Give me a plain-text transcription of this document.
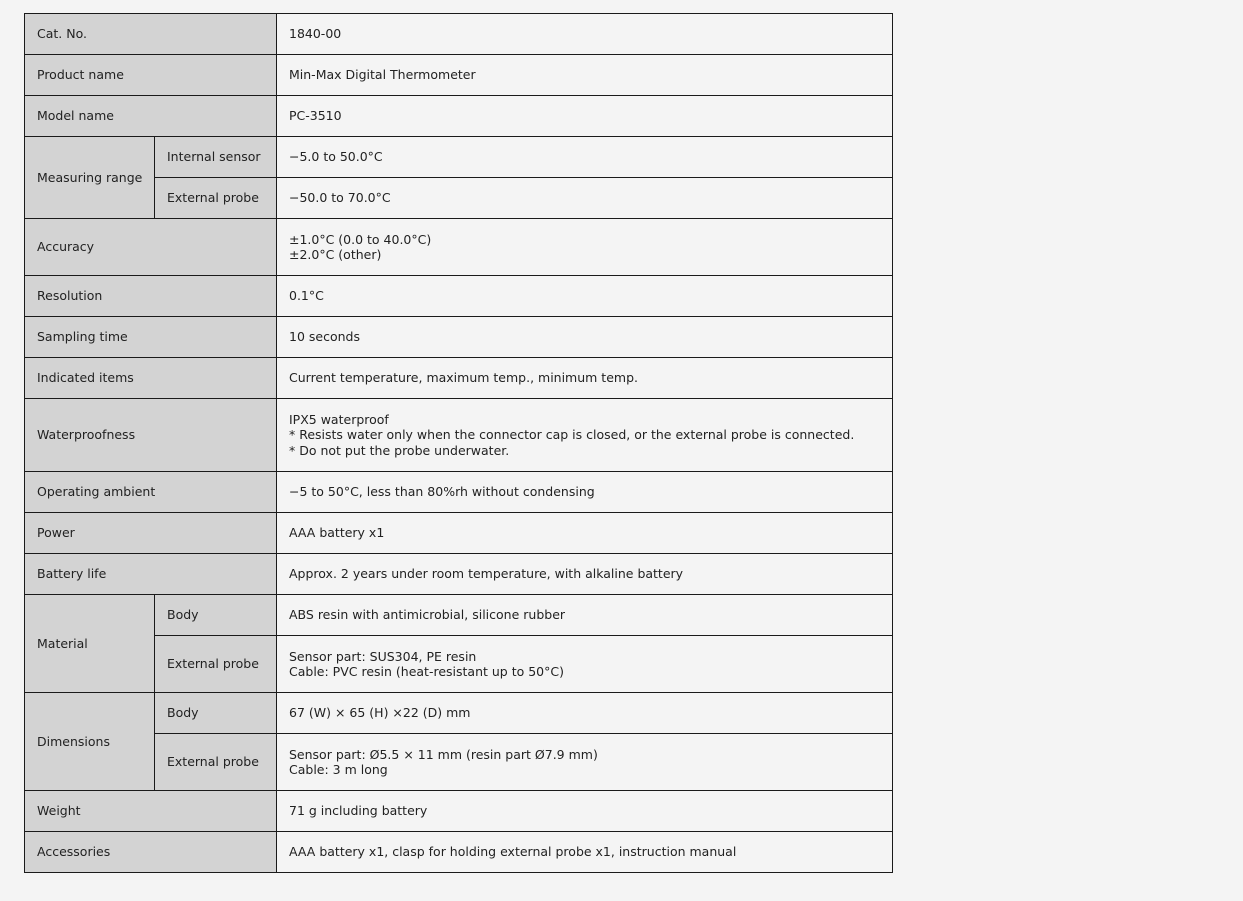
Cat. No.		1840-00
Product name		Min-Max Digital Thermometer
Model name		PC-3510
Measuring range	Internal sensor	−5.0 to 50.0°C
	External probe	−50.0 to 70.0°C
Accuracy		±1.0°C (0.0 to 40.0°C)
±2.0°C (other)

Resolution		0.1°C
Sampling time		10 seconds
Indicated items		Current temperature, maximum temp., minimum temp.
Waterproofness		IPX5 waterproof
* Resists water only when the connector cap is closed, or the external probe is connected.
* Do not put the probe underwater.

Operating ambient		−5 to 50°C, less than 80%rh without condensing
Power		AAA battery x1
Battery life		Approx. 2 years under room temperature, with alkaline battery
Material	Body	ABS resin with antimicrobial, silicone rubber
	External probe	Sensor part: SUS304, PE resin
Cable: PVC resin (heat-resistant up to 50°C)

Dimensions	Body	67 (W) × 65 (H) ×22 (D) mm
	External probe	Sensor part: Ø5.5 × 11 mm (resin part Ø7.9 mm)
Cable: 3 m long

Weight		71 g including battery
Accessories		AAA battery x1, clasp for holding external probe x1, instruction manual
